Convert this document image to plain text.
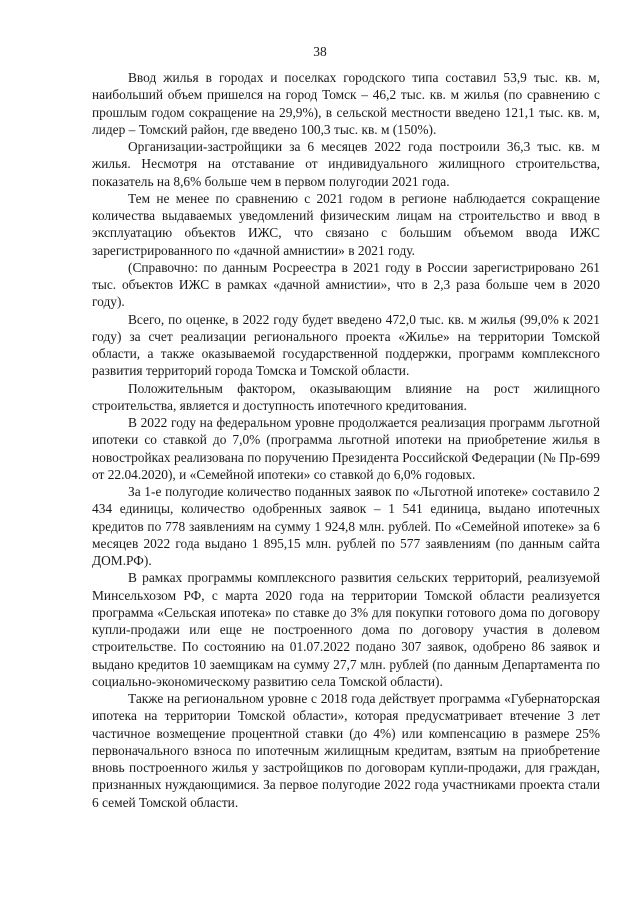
38

Ввод жилья в городах и поселках городского типа составил 53,9 тыс. кв. м, наибольший объем пришелся на город Томск – 46,2 тыс. кв. м жилья (по сравнению с прошлым годом сокращение на 29,9%), в сельской местности введено 121,1 тыс. кв. м, лидер – Томский район, где введено 100,3 тыс. кв. м (150%).

Организации-застройщики за 6 месяцев 2022 года построили 36,3 тыс. кв. м жилья. Несмотря на отставание от индивидуального жилищного строительства, показатель на 8,6% больше чем в первом полугодии 2021 года.

Тем не менее по сравнению с 2021 годом в регионе наблюдается сокращение количества выдаваемых уведомлений физическим лицам на строительство и ввод в эксплуатацию объектов ИЖС, что связано с большим объемом ввода ИЖС зарегистрированного по «дачной амнистии» в 2021 году.

(Справочно: по данным Росреестра в 2021 году в России зарегистрировано 261 тыс. объектов ИЖС в рамках «дачной амнистии», что в 2,3 раза больше чем в 2020 году).

Всего, по оценке, в 2022 году будет введено 472,0 тыс. кв. м жилья (99,0% к 2021 году) за счет реализации регионального проекта «Жилье» на территории Томской области, а также оказываемой государственной поддержки, программ комплексного развития территорий города Томска и Томской области.

Положительным фактором, оказывающим влияние на рост жилищного строительства, является и доступность ипотечного кредитования.

В 2022 году на федеральном уровне продолжается реализация программ льготной ипотеки со ставкой до 7,0% (программа льготной ипотеки на приобретение жилья в новостройках реализована по поручению Президента Российской Федерации (№ Пр-699 от 22.04.2020), и «Семейной ипотеки» со ставкой до 6,0% годовых.

За 1-е полугодие количество поданных заявок по «Льготной ипотеке» составило 2 434 единицы, количество одобренных заявок – 1 541 единица, выдано ипотечных кредитов по 778 заявлениям на сумму 1 924,8 млн. рублей. По «Семейной ипотеке» за 6 месяцев 2022 года выдано 1 895,15 млн. рублей по 577 заявлениям (по данным сайта ДОМ.РФ).

В рамках программы комплексного развития сельских территорий, реализуемой Минсельхозом РФ, с марта 2020 года на территории Томской области реализуется программа «Сельская ипотека» по ставке до 3% для покупки готового дома по договору купли-продажи или еще не построенного дома по договору участия в долевом строительстве. По состоянию на 01.07.2022 подано 307 заявок, одобрено 86 заявок и выдано кредитов 10 заемщикам на сумму 27,7 млн. рублей (по данным Департамента по социально-экономическому развитию села Томской области).

Также на региональном уровне с 2018 года действует программа «Губернаторская ипотека на территории Томской области», которая предусматривает втечение 3 лет частичное возмещение процентной ставки (до 4%) или компенсацию в размере 25% первоначального взноса по ипотечным жилищным кредитам, взятым на приобретение вновь построенного жилья у застройщиков по договорам купли-продажи, для граждан, признанных нуждающимися. За первое полугодие 2022 года участниками проекта стали 6 семей Томской области.
